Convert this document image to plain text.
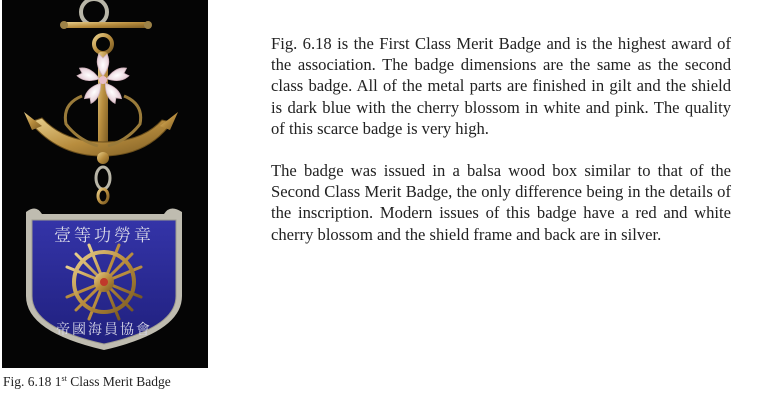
壹等功勞章
帝國海員協會
Fig. 6.18 1st Class Merit Badge

Fig. 6.18 is the First Class Merit Badge and is the highest award of the association. The badge dimensions are the same as the second class badge. All of the metal parts are finished in gilt and the shield is dark blue with the cherry blossom in white and pink. The quality of this scarce badge is very high.

The badge was issued in a balsa wood box similar to that of the Second Class Merit Badge, the only difference being in the details of the inscription. Modern issues of this badge have a red and white cherry blossom and the shield frame and back are in silver.
